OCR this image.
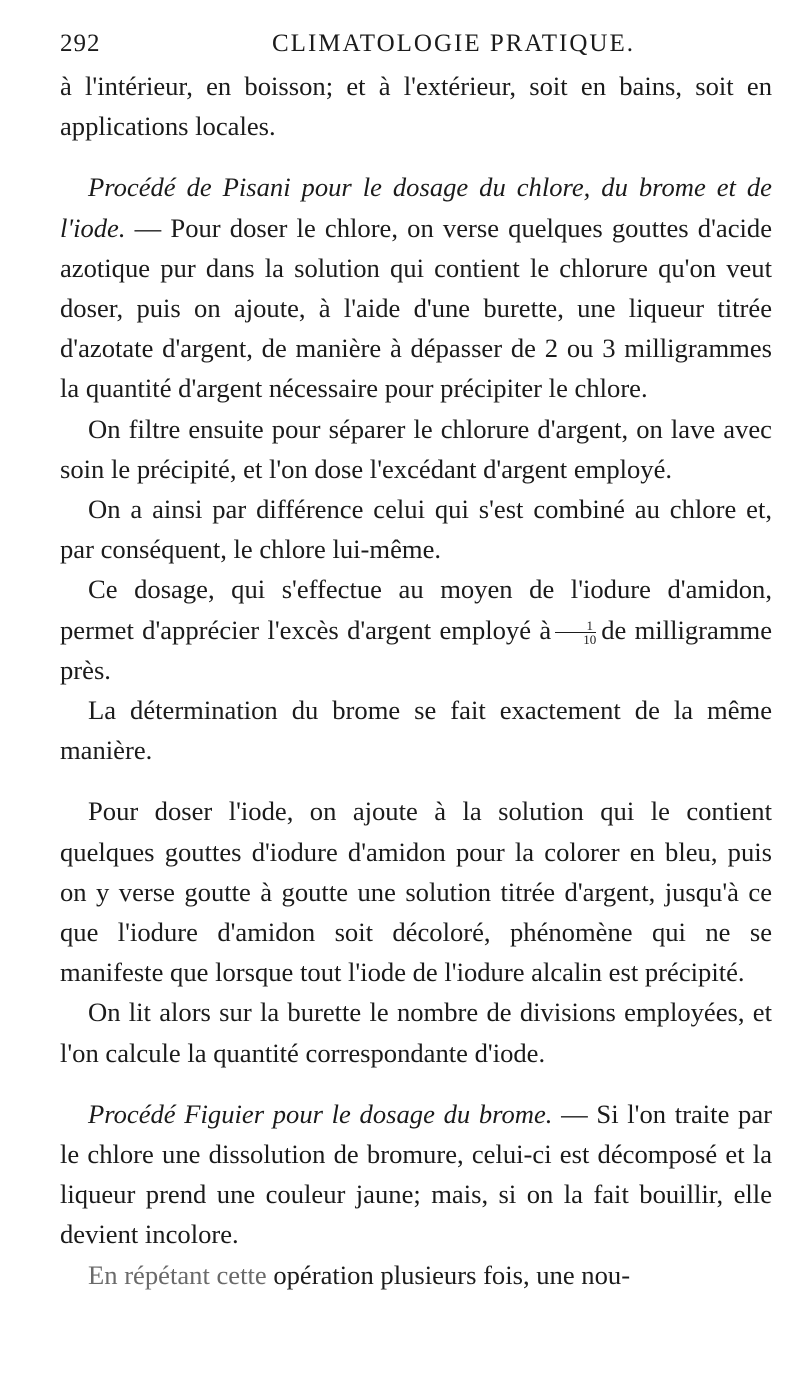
292	CLIMATOLOGIE PRATIQUE.

à l'intérieur, en boisson; et à l'extérieur, soit en bains, soit en applications locales.

Procédé de Pisani pour le dosage du chlore, du brome et de l'iode. — Pour doser le chlore, on verse quelques gouttes d'acide azotique pur dans la solution qui contient le chlorure qu'on veut doser, puis on ajoute, à l'aide d'une burette, une liqueur titrée d'azotate d'argent, de manière à dépasser de 2 ou 3 milligrammes la quantité d'argent nécessaire pour précipiter le chlore.

On filtre ensuite pour séparer le chlorure d'argent, on lave avec soin le précipité, et l'on dose l'excédant d'argent employé.

On a ainsi par différence celui qui s'est combiné au chlore et, par conséquent, le chlore lui-même.

Ce dosage, qui s'effectue au moyen de l'iodure d'amidon, permet d'apprécier l'excès d'argent employé à $\frac{1}{10}$ de milligramme près.

La détermination du brome se fait exactement de la même manière.

Pour doser l'iode, on ajoute à la solution qui le contient quelques gouttes d'iodure d'amidon pour la colorer en bleu, puis on y verse goutte à goutte une solution titrée d'argent, jusqu'à ce que l'iodure d'amidon soit décoloré, phénomène qui ne se manifeste que lorsque tout l'iode de l'iodure alcalin est précipité.

On lit alors sur la burette le nombre de divisions employées, et l'on calcule la quantité correspondante d'iode.

Procédé Figuier pour le dosage du brome. — Si l'on traite par le chlore une dissolution de bromure, celui-ci est décomposé et la liqueur prend une couleur jaune; mais, si on la fait bouillir, elle devient incolore.

En répétant cette opération plusieurs fois, une nou-
